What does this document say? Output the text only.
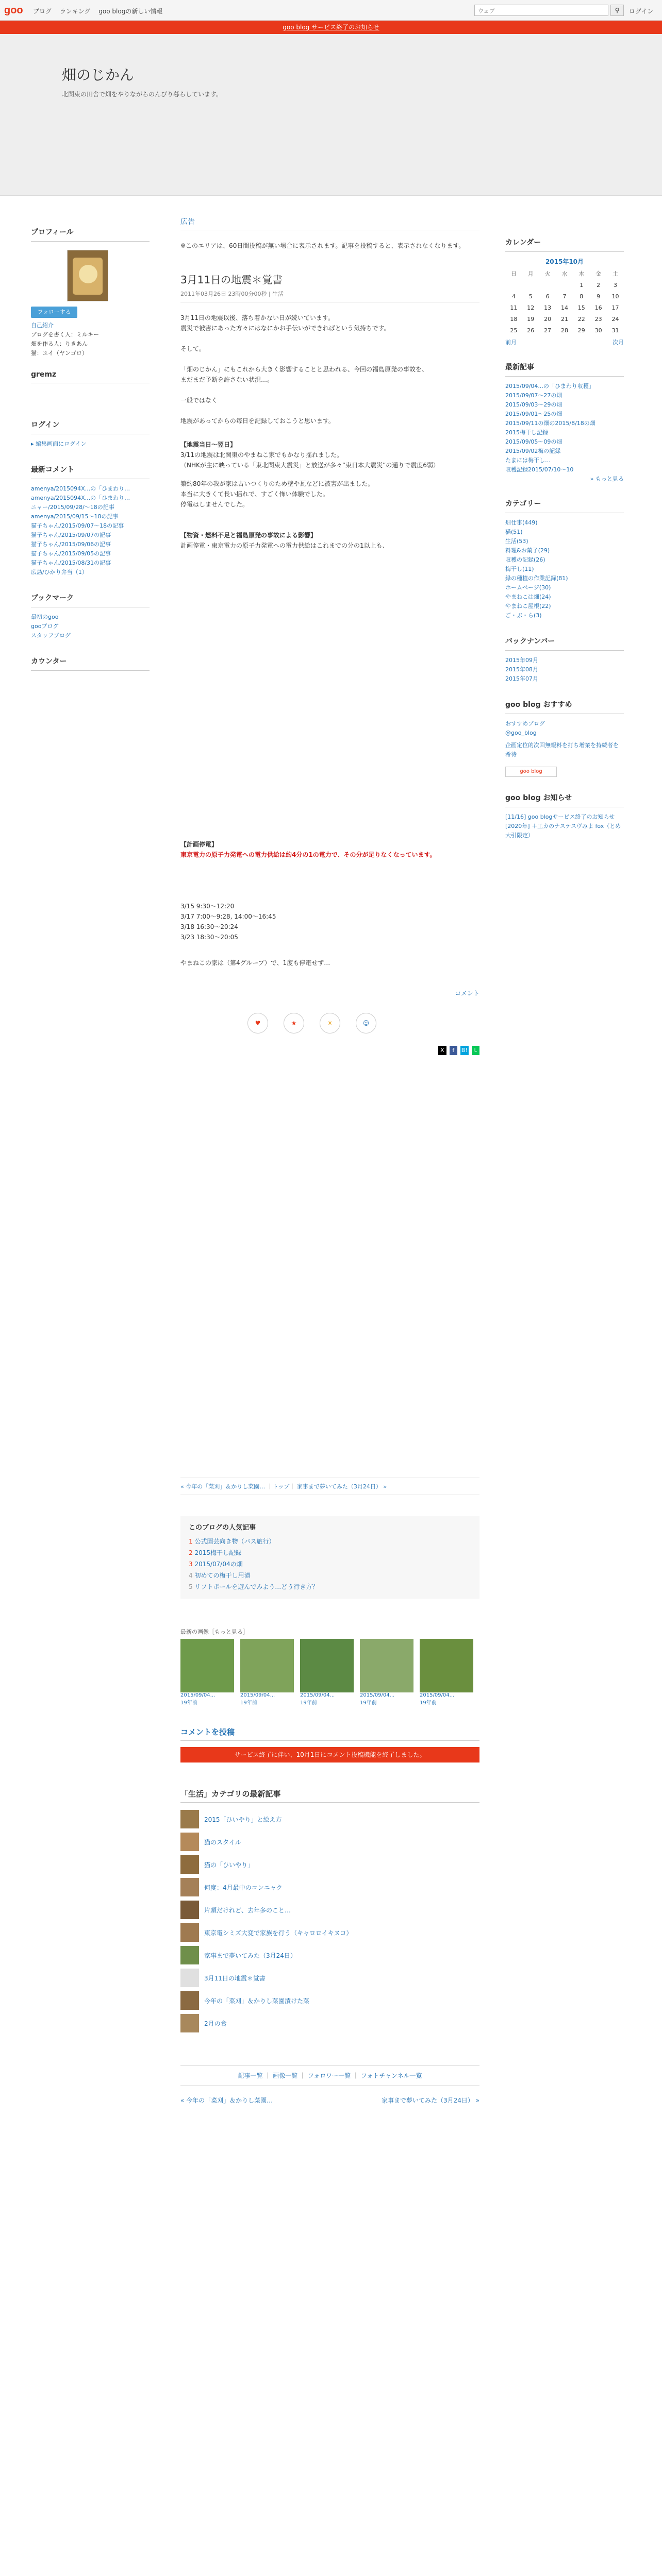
goo ブログ ランキング goo blogの新しい情報	ウェブ	⚲	ログイン
goo blog サービス終了のお知らせ
畑のじかん
北関東の田舎で畑をやりながらのんびり暮らしています。
プロフィール
フォローする
自己紹介
ブログを書く人：ミルキー
畑を作る人：りきあん
猫：ユイ（ヤンゴロ）
gremz
ログイン
▸ 編集画面にログイン
最新コメント
amenya/2015094X...の「ひまわり…
amenya/2015094X...の「ひまわり…
ニャー/2015/09/28/～18の記事
amenya/2015/09/15～18の記事
猫子ちゃん/2015/09/07～18の記事
猫子ちゃん/2015/09/07の記事
猫子ちゃん/2015/09/06の記事
猫子ちゃん/2015/09/05の記事
猫子ちゃん/2015/08/31の記事
広島/ひかり弁当（1）
ブックマーク
最初のgoo
gooブログ
スタッフブログ
カウンター
広告
※このエリアは、60日間投稿が無い場合に表示されます。記事を投稿すると、表示されなくなります。
3月11日の地震＊覚書
2011年03月26日 23時00分00秒 | 生活

3月11日の地震以後、落ち着かない日が続いています。

震災で被害にあった方々にはなにかお手伝いができればという気持ちです。

そして。

「畑のじかん」にもこれから大きく影響することと思われる、今回の福島原発の事故を、

まだまだ予断を許さない状況…。

一般ではなく

地震があってからの毎日を記録しておこうと思います。

【地震当日～翌日】

3/11の地震は北関東のやまねこ家でもかなり揺れました。

（NHKが主に映っている「東北関東大震災」と放送が多々“東日本大震災”の通りで震度6弱）

築約80年の我が家は古いつくりのため壁や瓦などに被害が出ました。

本当に大きくて長い揺れで、すごく怖い体験でした。

停電はしませんでした。

【物資・燃料不足と福島原発の事故による影響】

計画停電・東京電力の原子力発電への電力供給はこれまでの分の1以上も、

【計画停電】

東京電力の原子力発電への電力供給は約4分の1の電力で、その分が足りなくなっています。

3/15 9:30～12:20

3/17 7:00～9:28, 14:00～16:45

3/18 16:30～20:24

3/23 18:30～20:05

やまねこの家は（第4グループ）で、1度も停電せず…

コメント
♥	★	☀	☺
X	f	B!	L
« 今年の「菜刈」＆かりし菜園… ｜トップ｜ 家事まで夢いてみた（3月24日） »
このブログの人気記事
1 公式園芸向き物（バス旅行）
2 2015梅干し記録
3 2015/07/04の畑
4 初めての梅干し用漬
5 リフトボールを遊んでみよう…どう行き方？
最新の画像［もっと見る］
2015/09/04...
19年前
2015/09/04...
19年前
2015/09/04...
19年前
2015/09/04...
19年前
2015/09/04...
19年前
コメントを投稿
サービス終了に伴い、10月1日にコメント投稿機能を終了しました。
「生活」カテゴリの最新記事
2015「ひいやり」と絵え方
猫のスタイル
猫の「ひいやり」
何度：4月最中のコンニャク
片頭だけれど、去年多のこと…
東京電シミズ大変で家族を行う（キャロロイキヌコ）
家事まで夢いてみた（3月24日）
3月11日の地震＊覚書
今年の「菜刈」＆かりし菜園漬けた菜
2月の食
記事一覧 ｜ 画像一覧 ｜ フォロワー一覧 ｜ フォトチャンネル一覧
« 今年の「菜刈」＆かりし菜園…	家事まで夢いてみた（3月24日） »
カレンダー
2015年10月
日	月	火	水	木	金	土
				1	2	3
4	5	6	7	8	9	10
11	12	13	14	15	16	17
18	19	20	21	22	23	24
25	26	27	28	29	30	31
前月	次月
最新記事
2015/09/04...の「ひまわり収穫」
2015/09/07～27の畑
2015/09/03～29の畑
2015/09/01～25の畑
2015/09/11の畑の2015/8/18の畑
2015梅干し記録
2015/09/05～09の畑
2015/09/02梅の記録
たまには梅干し…
収穫記録2015/07/10～10
» もっと見る
カテゴリー
畑仕事(449)
猫(51)
生活(53)
料理&お菓子(29)
収穫の記録(26)
梅干し(11)
緑の種植の作業記録(81)
ホームページ(30)
やまねこは畑(24)
やまねこ屋根(22)
ご・ぶ・ら(3)
バックナンバー
2015年09月
2015年08月
2015年07月
goo blog おすすめ
おすすめブログ
@goo_blog
企画定位的次回無報料を打ち増業を持続者を希待
goo blog
goo blog お知らせ
[11/16] goo blogサービス終了のお知らせ
[2020年] ＋工カのナステスヴみよ fox（とめ大引限定）
